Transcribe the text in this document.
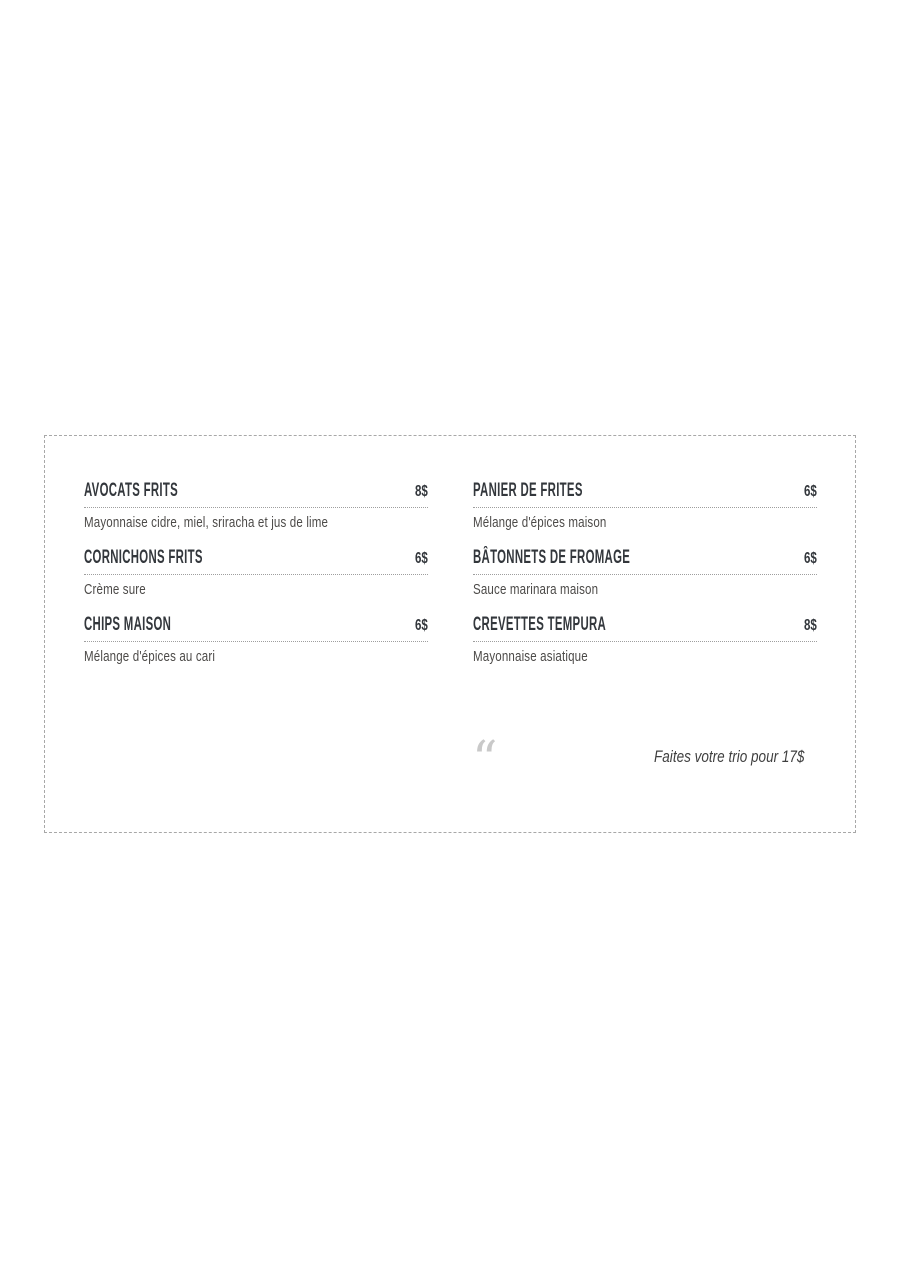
AVOCATS FRITS	8$
Mayonnaise cidre, miel, sriracha et jus de lime
CORNICHONS FRITS	6$
Crème sure
CHIPS MAISON	6$
Mélange d'épices au cari
PANIER DE FRITES	6$
Mélange d'épices maison
BÂTONNETS DE FROMAGE	6$
Sauce marinara maison
CREVETTES TEMPURA	8$
Mayonnaise asiatique
“	Faites votre trio pour 17$
